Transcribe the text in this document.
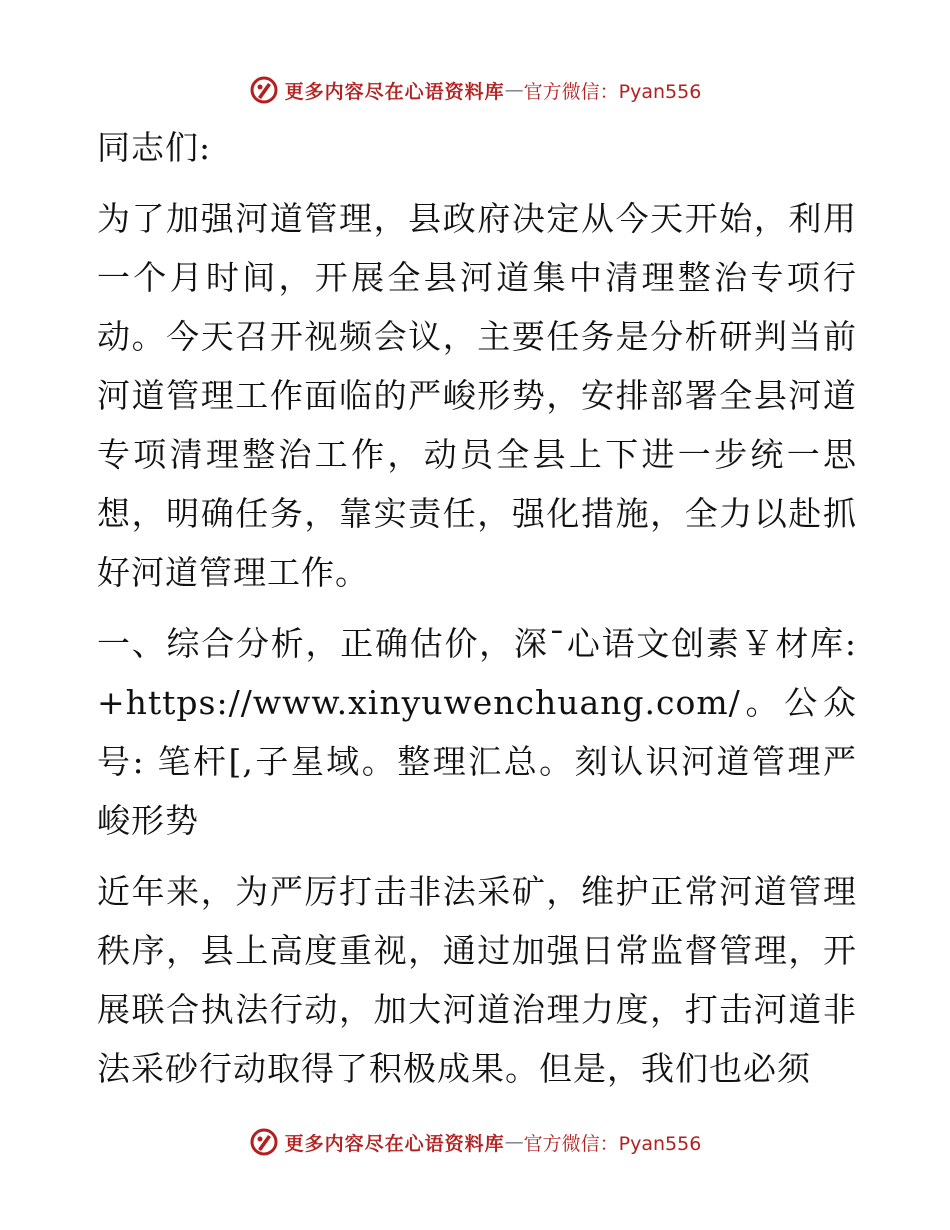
更多内容尽在心语资料库 — 官方微信：Pyan556

同志们:

为了加强河道管理，县政府决定从今天开始，利用一个月时间，开展全县河道集中清理整治专项行动。今天召开视频会议，主要任务是分析研判当前河道管理工作面临的严峻形势，安排部署全县河道专项清理整治工作，动员全县上下进一步统一思想，明确任务，靠实责任，强化措施，全力以赴抓好河道管理工作。

一、综合分析，正确估价，深¯心语文创素￥材库: +https://www.xinyuwenchuang.com/。公众号: 笔杆[,子星域。整理汇总。刻认识河道管理严峻形势

近年来，为严厉打击非法采矿，维护正常河道管理秩序，县上高度重视，通过加强日常监督管理，开展联合执法行动，加大河道治理力度，打击河道非法采砂行动取得了积极成果。但是，我们也必须

更多内容尽在心语资料库 — 官方微信：Pyan556
